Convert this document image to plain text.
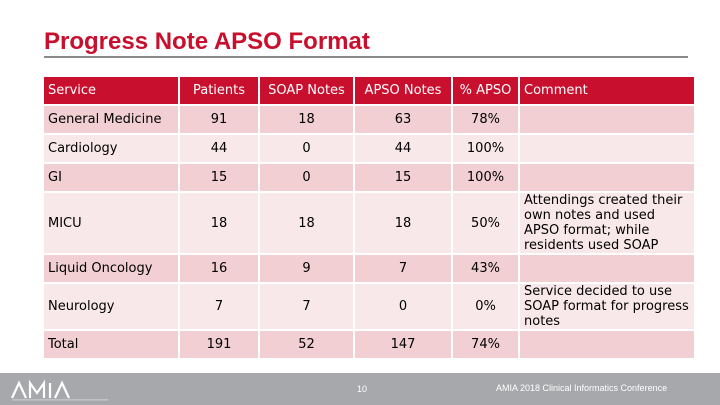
Progress Note APSO Format
Service	Patients	SOAP Notes	APSO Notes	% APSO	Comment
General Medicine	91	18	63	78%	
Cardiology	44	0	44	100%	
GI	15	0	15	100%	
MICU	18	18	18	50%	Attendings created their own notes and used APSO format; while residents used SOAP
Liquid Oncology	16	9	7	43%	
Neurology	7	7	0	0%	Service decided to use SOAP format for progress notes
Total	191	52	147	74%	
10	AMIA 2018 Clinical Informatics Conference
